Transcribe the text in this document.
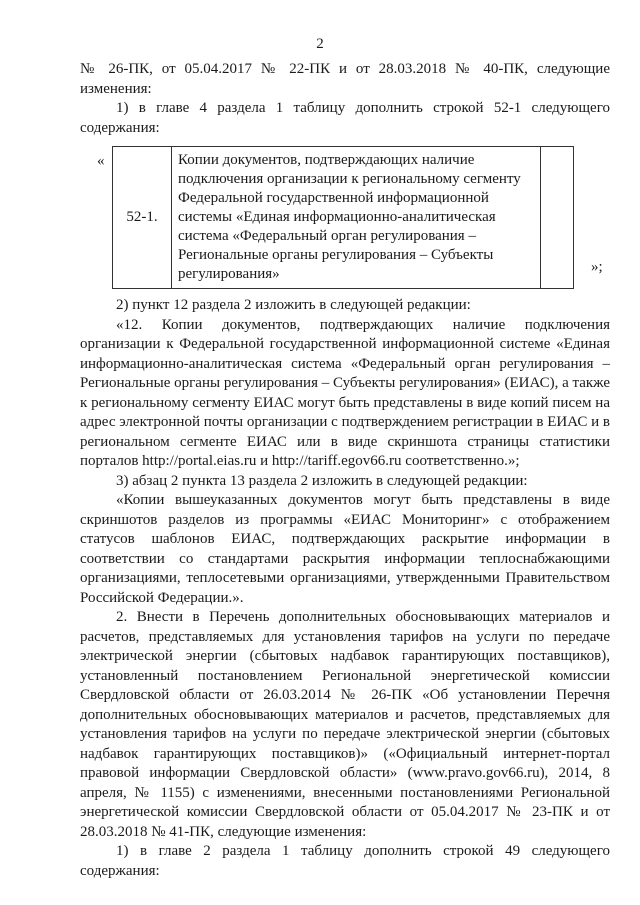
2

№ 26-ПК, от 05.04.2017 № 22-ПК и от 28.03.2018 № 40-ПК, следующие изменения:

1) в главе 4 раздела 1 таблицу дополнить строкой 52-1 следующего содержания:

«
52-1.	Копии документов, подтверждающих наличие подключения организации к региональному сегменту Федеральной государственной информационной системы «Единая информационно-аналитическая система «Федеральный орган регулирования – Региональные органы регулирования – Субъекты регулирования»		»;

2) пункт 12 раздела 2 изложить в следующей редакции:

«12. Копии документов, подтверждающих наличие подключения организации к Федеральной государственной информационной системе «Единая информационно-аналитическая система «Федеральный орган регулирования – Региональные органы регулирования – Субъекты регулирования» (ЕИАС), а также к региональному сегменту ЕИАС могут быть представлены в виде копий писем на адрес электронной почты организации с подтверждением регистрации в ЕИАС и в региональном сегменте ЕИАС или в виде скриншота страницы статистики порталов http://portal.eias.ru и http://tariff.egov66.ru соответственно.»;

3) абзац 2 пункта 13 раздела 2 изложить в следующей редакции:

«Копии вышеуказанных документов могут быть представлены в виде скриншотов разделов из программы «ЕИАС Мониторинг» с отображением статусов шаблонов ЕИАС, подтверждающих раскрытие информации в соответствии со стандартами раскрытия информации теплоснабжающими организациями, теплосетевыми организациями, утвержденными Правительством Российской Федерации.».

2. Внести в Перечень дополнительных обосновывающих материалов и расчетов, представляемых для установления тарифов на услуги по передаче электрической энергии (сбытовых надбавок гарантирующих поставщиков), установленный постановлением Региональной энергетической комиссии Свердловской области от 26.03.2014 № 26-ПК «Об установлении Перечня дополнительных обосновывающих материалов и расчетов, представляемых для установления тарифов на услуги по передаче электрической энергии (сбытовых надбавок гарантирующих поставщиков)» («Официальный интернет-портал правовой информации Свердловской области» (www.pravo.gov66.ru), 2014, 8 апреля, № 1155) с изменениями, внесенными постановлениями Региональной энергетической комиссии Свердловской области от 05.04.2017 № 23-ПК и от 28.03.2018 № 41-ПК, следующие изменения:

1) в главе 2 раздела 1 таблицу дополнить строкой 49 следующего содержания:
